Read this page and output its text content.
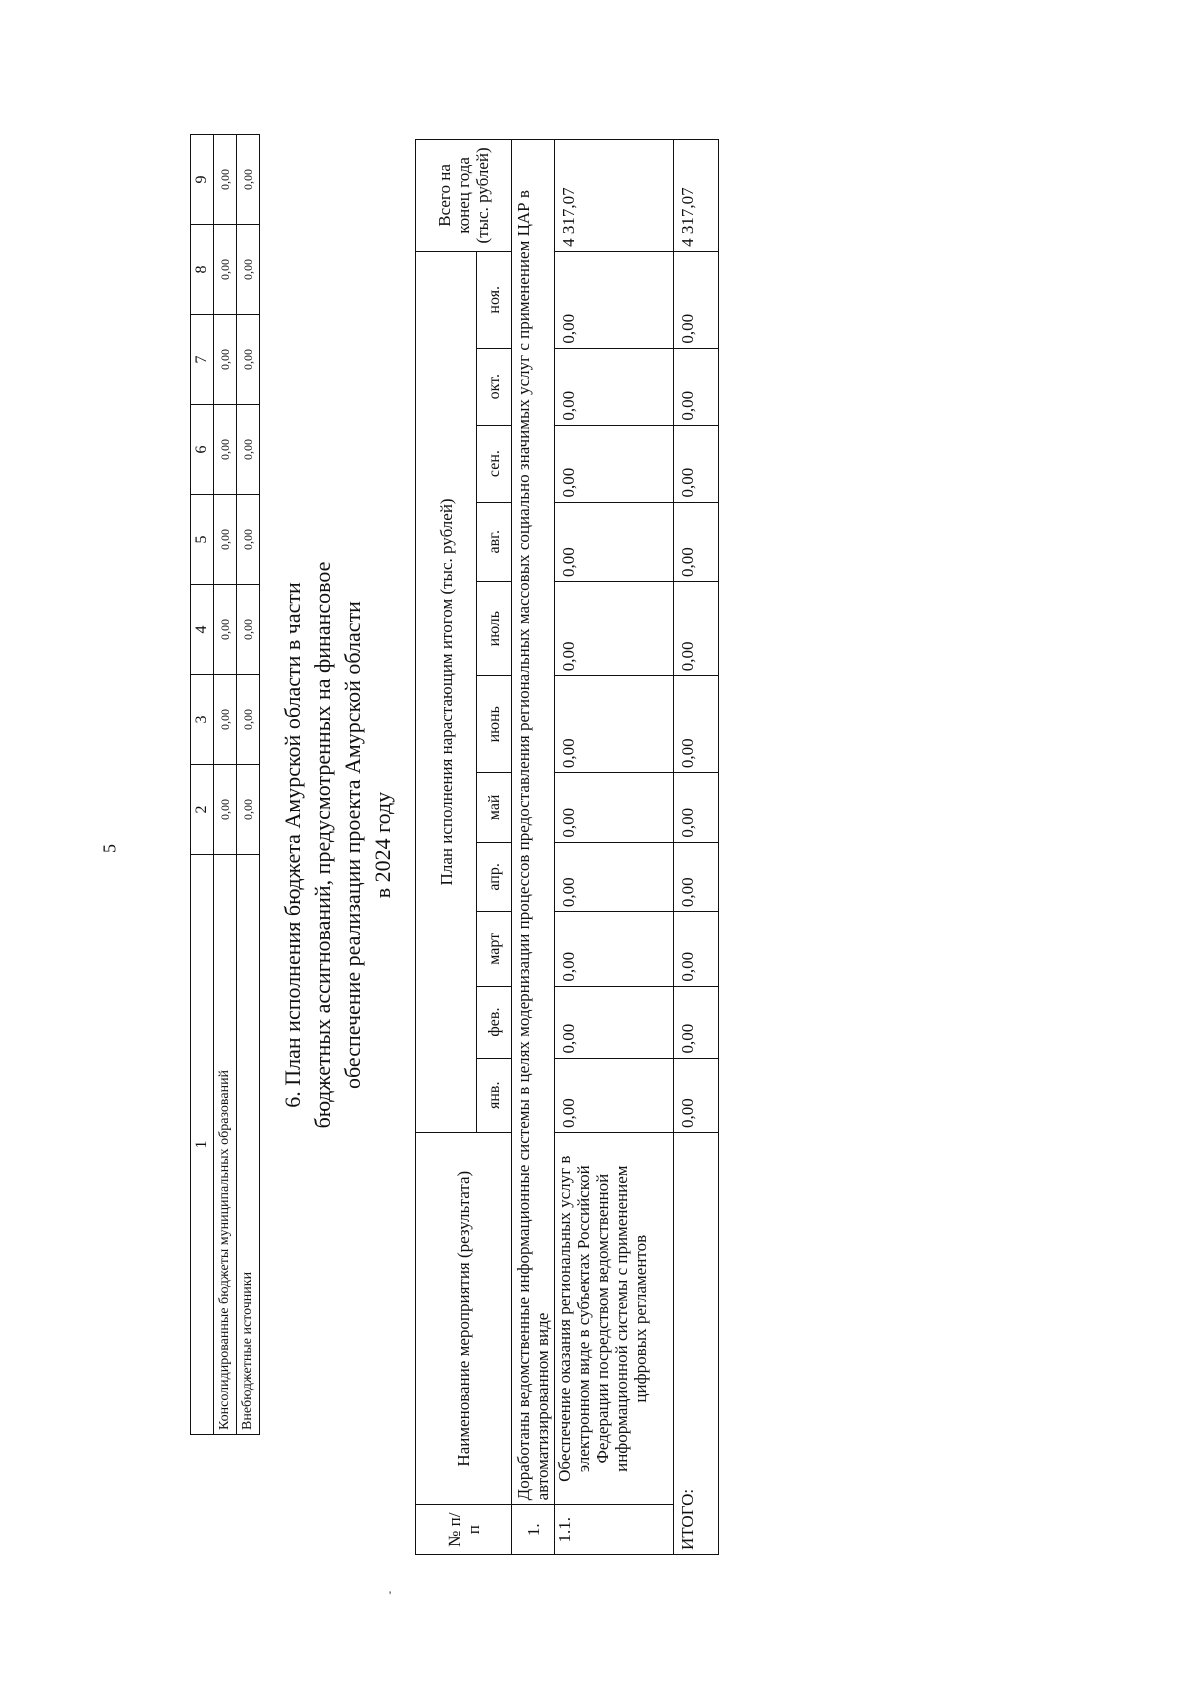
5
'
1	2	3	4	5	6	7	8	9
Консолидированные бюджеты муниципальных образований	0,00	0,00	0,00	0,00	0,00	0,00	0,00	0,00
Внебюджетные источники	0,00	0,00	0,00	0,00	0,00	0,00	0,00	0,00
6. План исполнения бюджета Амурской области в части бюджетных ассигнований, предусмотренных на финансовое обеспечение реализации проекта Амурской области в 2024 году
№ п/п	Наименование мероприятия (результата)	План исполнения нарастающим итогом (тыс. рублей)											Всего на конец года (тыс. рублей)
		янв.	фев.	март	апр.	май	июнь	июль	авг.	сен.	окт.	ноя.	
1.	Доработаны ведомственные информационные системы в целях модернизации процессов предоставления региональных массовых социально значимых услуг с применением ЦАР в автоматизированном виде												
1.1.	Обеспечение оказания региональных услуг в электронном виде в субъектах Российской Федерации посредством ведомственной информационной системы с применением цифровых регламентов	0,00	0,00	0,00	0,00	0,00	0,00	0,00	0,00	0,00	0,00	0,00	4 317,07
ИТОГО:		0,00	0,00	0,00	0,00	0,00	0,00	0,00	0,00	0,00	0,00	0,00	4 317,07
